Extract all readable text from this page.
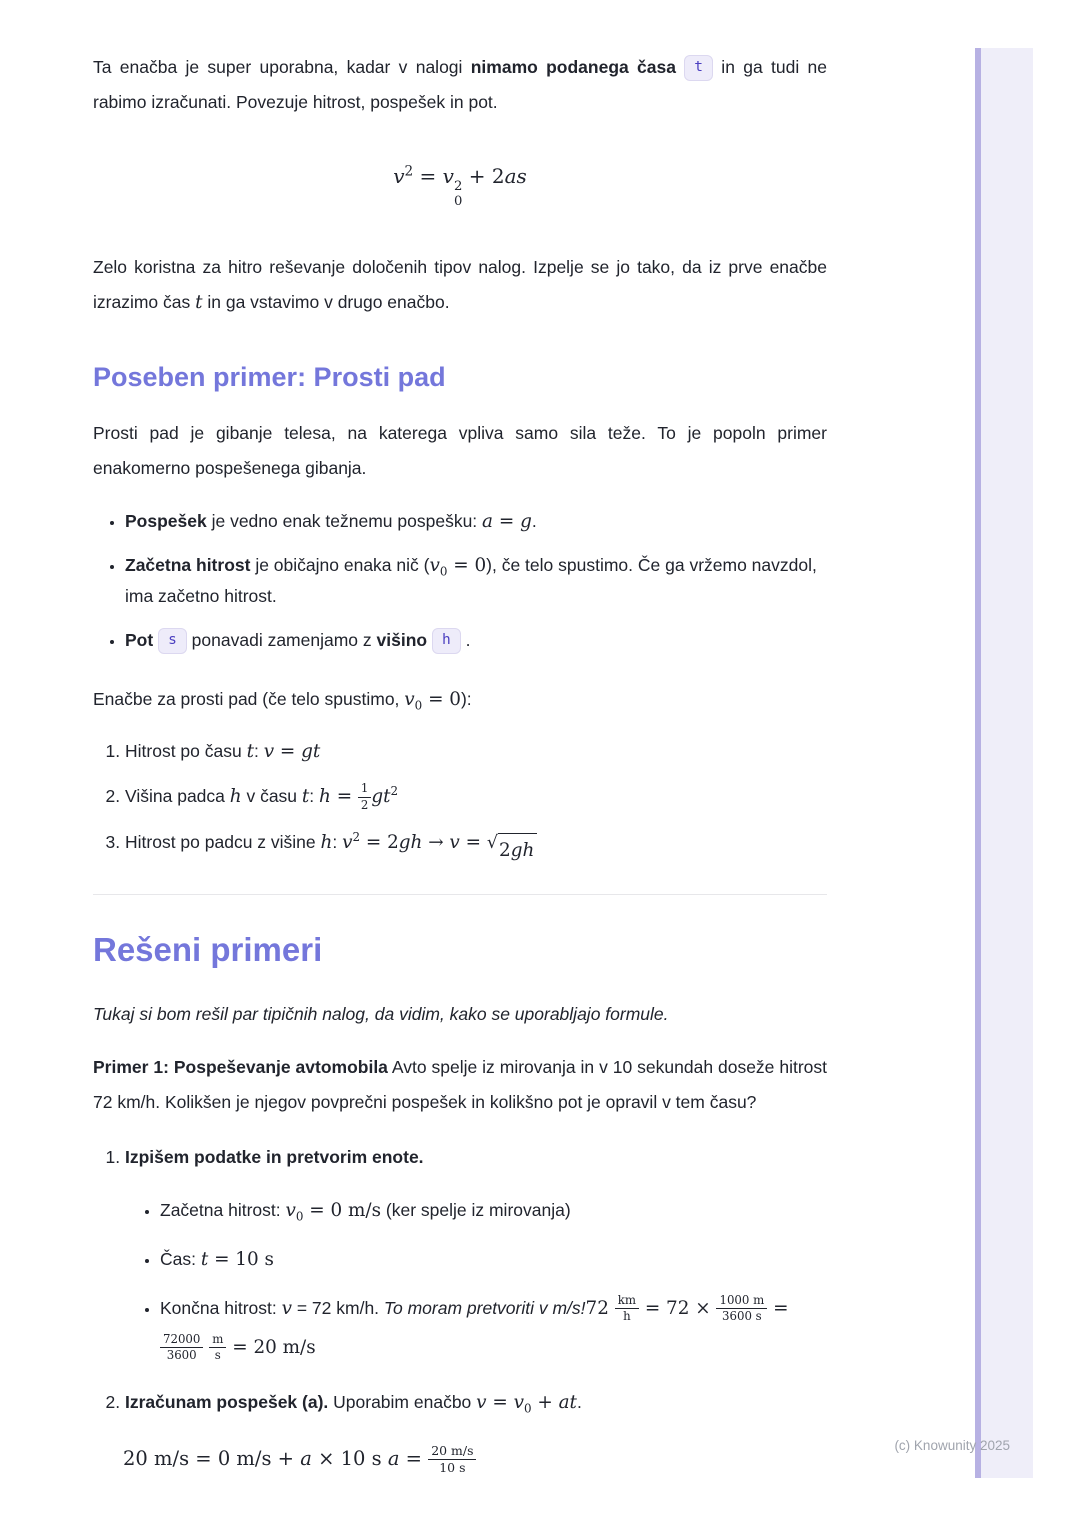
Ta enačba je super uporabna, kadar v nalogi nimamo podanega časa t in ga tudi ne rabimo izračunati. Povezuje hitrost, pospešek in pot.

$v^2 = v$ 2
0
+ 2as

Zelo koristna za hitro reševanje določenih tipov nalog. Izpelje se jo tako, da iz prve enačbe izrazimo čas t in ga vstavimo v drugo enačbo.

Poseben primer: Prosti pad

Prosti pad je gibanje telesa, na katerega vpliva samo sila teže. To je popoln primer enakomerno pospešenega gibanja.

• Pospešek je vedno enak težnemu pospešku: a = g.
• Začetna hitrost je običajno enaka nič $(v_0 = 0)$, če telo spustimo. Če ga vržemo navzdol, ima začetno hitrost.
• Pot s ponavadi zamenjamo z višino h .

Enačbe za prosti pad (če telo spustimo, $v_0 = 0$):

1. Hitrost po času t: v = gt
2. Višina padca h v času t: $h = \frac{1}{2} gt^2$
3. Hitrost po padcu z višine h: $v^2 = 2gh \to v$ = √ 2gh
Rešeni primeri

Tukaj si bom rešil par tipičnih nalog, da vidim, kako se uporabljajo formule.

Primer 1: Pospeševanje avtomobila Avto spelje iz mirovanja in v 10 sekundah doseže hitrost 72 km/h. Kolikšen je njegov povprečni pospešek in kolikšno pot je opravil v tem času?

1. Izpišem podatke in pretvorim enote.
• Začetna hitrost: $v_0 = 0$ m/s (ker spelje iz mirovanja)
• Čas: t = 10 s
• Končna hitrost: v = 72 km/h. To moram pretvoriti v $m/s!72 \frac{km}{h} = 72 \times \frac{1000 m}{3600 s}$ =
$\frac{72000}{3600}$
$\frac{m}{s} = 20$ m/s
2. Izračunam pospešek (a). Uporabim enačbo $v = v_0$ + at.
20 m/s = 0 m/s + a × 10 s $a = \frac{20 m/s}{10 s}$	(c) Knowunity 2025
